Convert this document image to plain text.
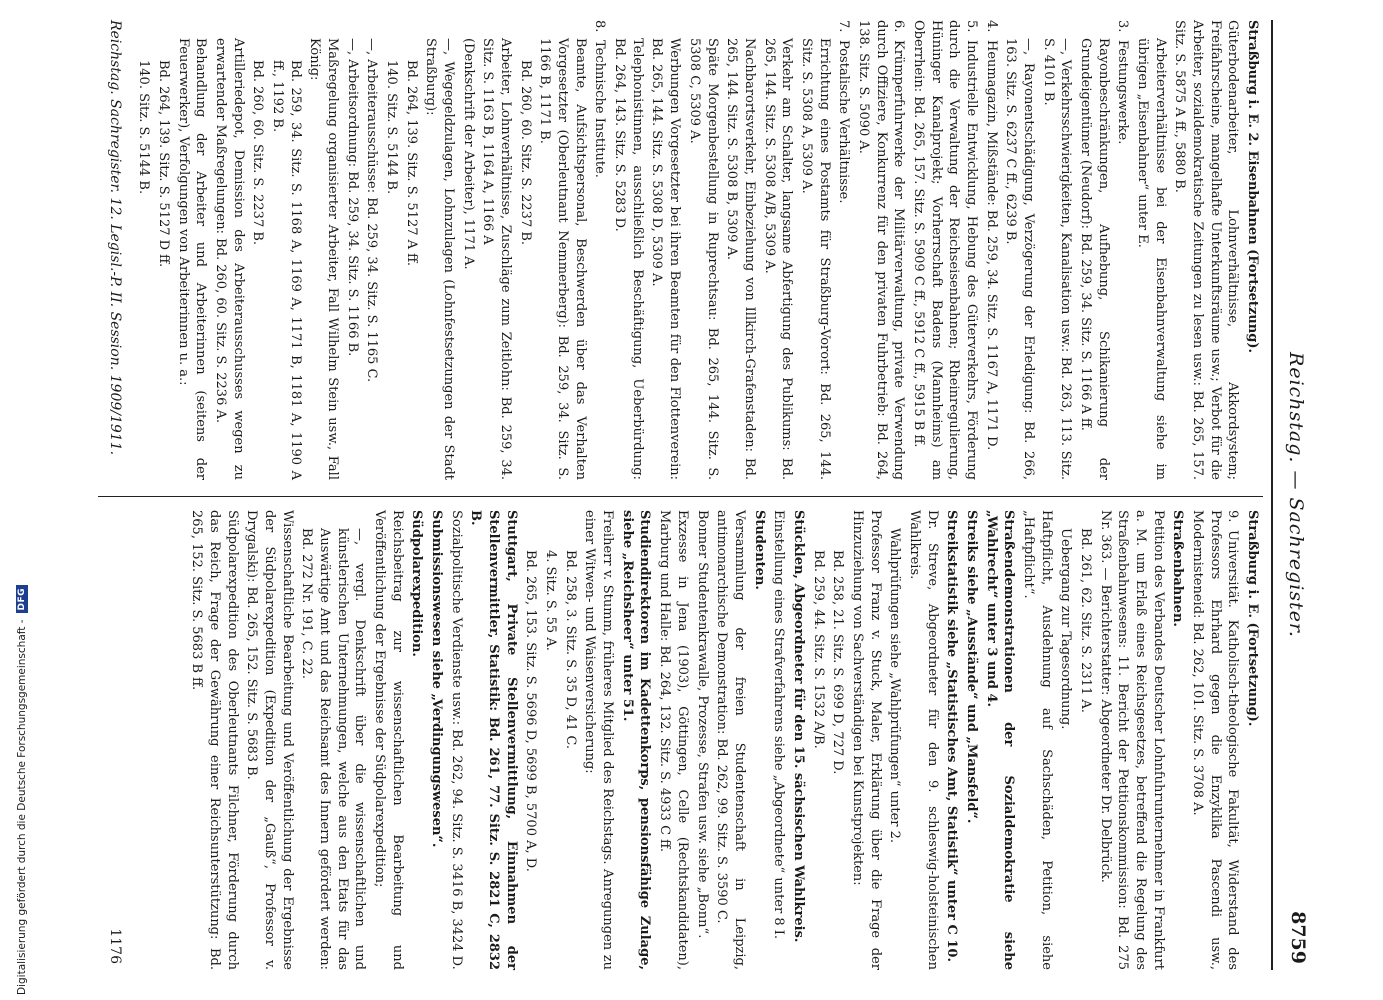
Reichstag. — Sachregister.
8759

Straßburg i. E. 2. Eisenbahnen (Fortsetzung).

Güterbodenarbeiter, Lohnverhältnisse, Akkordsystem; Freifahrscheine, mangelhafte Unterkunftsräume usw.; Verbot für die Arbeiter, sozialdemokratische Zeitungen zu lesen usw.: Bd. 265, 157. Sitz. S. 5875 A ff., 5880 B.

Arbeiterverhältnisse bei der Eisenbahnverwaltung siehe im übrigen „Eisenbahner“ unter E.

3.Festungswerke.

Rayonbeschränkungen, Aufhebung, Schikanierung der Grundeigentümer (Neudorf): Bd. 259, 34. Sitz. S. 1166 A ff.

—, Verkehrsschwierigkeiten, Kanalisation usw.: Bd. 263, 113. Sitz. S. 4101 B.

—, Rayonentschädigung, Verzögerung der Erledigung: Bd. 266, 163. Sitz. S. 6237 C ff., 6239 B.

4.Heumagazin, Mißstände: Bd. 259, 34. Sitz. S. 1167 A, 1171 D.

5.Industrielle Entwicklung, Hebung des Güterverkehrs, Förderung durch die Verwaltung der Reichseisenbahnen; Rheinregulierung, Hüninger Kanalprojekt; Vorherrschaft Badens (Mannheims) am Oberrhein: Bd. 265, 157. Sitz. S. 5909 C ff., 5912 C ff., 5915 B ff.

6.Krümperfuhrwerke der Militärverwaltung, private Verwendung durch Offiziere, Konkurrenz für den privaten Fuhrbetrieb: Bd. 264, 138. Sitz. S. 5090 A.

7.Postalische Verhältnisse.

Errichtung eines Postamts für Straßburg-Vorort: Bd. 265, 144. Sitz. S. 5308 A, 5309 A.

Verkehr am Schalter, langsame Abfertigung des Publikums: Bd. 265, 144. Sitz. S. 5308 A/B, 5309 A.

Nachbarortsverkehr, Einbeziehung von Illkirch-Grafenstaden: Bd. 265, 144. Sitz. S. 5308 B, 5309 A.

Späte Morgenbestellung in Ruprechtsau: Bd. 265, 144. Sitz. S. 5308 C, 5309 A.

Werbungen Vorgesetzter bei ihren Beamten für den Flottenverein: Bd. 265, 144. Sitz. S. 5308 D, 5309 A.

Telephonistinnen, ausschließlich Beschäftigung, Ueberbürdung: Bd. 264, 143. Sitz. S. 5283 D.

8.Technische Institute.

Beamte, Aufsichtspersonal, Beschwerden über das Verhalten Vorgesetzter (Oberleutnant Nemmerberg): Bd. 259, 34. Sitz. S. 1166 B, 1171 B.

Bd. 260, 60. Sitz. S. 2237 B.

Arbeiter, Lohnverhältnisse, Zuschläge zum Zeitlohn: Bd. 259, 34. Sitz. S. 1163 B, 1164 A, 1166 A

(Denkschrift der Arbeiter), 1171 A.

—, Wegegeldzulagen, Lohnzulagen (Lohnfestsetzungen der Stadt Straßburg):

Bd. 264, 139. Sitz. S. 5127 A ff.

140. Sitz. S. 5144 B.

—, Arbeiterausschüsse: Bd. 259, 34. Sitz. S. 1165 C.

—, Arbeitsordnung: Bd. 259, 34. Sitz. S. 1166 B.

Maßregelung organisierter Arbeiter, Fall Wilhelm Stein usw., Fall König:

Bd. 259, 34. Sitz. S. 1168 A, 1169 A, 1171 B, 1181 A, 1190 A ff., 1192 B.

Bd. 260, 60. Sitz. S. 2237 B.

Artilleriedepot, Demission des Arbeiterausschusses wegen zu erwartender Maßregelungen: Bd. 260, 60. Sitz. S. 2236 A.

Behandlung der Arbeiter und Arbeiterinnen (seitens der Feuerwerker), Verfolgungen von Arbeiterinnen u. a.:

Bd. 264, 139. Sitz. S. 5127 D ff.

140. Sitz. S. 5144 B.

Straßburg i. E. (Fortsetzung).

9.Universität. Katholisch-theologische Fakultät, Widerstand des Professors Ehrhard gegen die Enzyklika Pascendi usw., Modernisteneid: Bd. 262, 101. Sitz. S. 3708 A.

Straßenbahnen.

Petition des Verbandes Deutscher Lohnfuhrunternehmer in Frankfurt a. M. um Erlaß eines Reichsgesetzes, betreffend die Regelung des Straßenbahnwesens: 11. Bericht der Petitionskommission: Bd. 275 Nr. 363. — Berichterstatter: Abgeordneter Dr. Delbrück.

Bd. 261, 62. Sitz. S. 2311 A.

Uebergang zur Tagesordnung.

Haftpflicht, Ausdehnung auf Sachschäden, Petition, siehe „Haftpflicht“.

Straßendemonstrationen der Sozialdemokratie siehe „Wahlrecht“ unter 3 und 4.

Streiks siehe „Ausstände“ und „Mansfeld“.

Streikstatistik siehe „Statistisches Amt, Statistik“ unter C 10.

Dr. Streve, Abgeordneter für den 9. schleswig-holsteinischen Wahlkreis.

Wahlprüfungen siehe „Wahlprüfungen“ unter 2.

Professor Franz v. Stuck, Maler, Erklärung über die Frage der Hinzuziehung von Sachverständigen bei Kunstprojekten:

Bd. 258, 21. Sitz. S. 699 D, 727 D.

Bd. 259, 44. Sitz. S. 1532 A/B.

Stücklen, Abgeordneter für den 15. sächsischen Wahlkreis.

Einstellung eines Strafverfahrens siehe „Abgeordnete“ unter 8 I.

Studenten.

Versammlung der freien Studentenschaft in Leipzig, antimonarchische Demonstration: Bd. 262, 99. Sitz. S. 3590 C.

Bonner Studentenkrawalle, Prozesse, Strafen usw. siehe „Bonn“.

Exzesse in Jena (1903), Göttingen, Celle (Rechtskandidaten), Marburg und Halle: Bd. 264, 132. Sitz. S. 4933 C ff.

Studiendirektoren im Kadettenkorps, pensionsfähige Zulage, siehe „Reichsheer“ unter 51.

Freiherr v. Stumm, früheres Mitglied des Reichstags. Anregungen zu einer Witwen- und Waisenversicherung:

Bd. 258, 3. Sitz. S. 35 D, 41 C.

4. Sitz. S. 55 A.

Bd. 265, 153. Sitz. S. 5696 D, 5699 B, 5700 A, D.

Stuttgart, Private Stellenvermittlung, Einnahmen der Stellenvermittler, Statistik: Bd. 261, 77. Sitz. S. 2821 C, 2832 B.

Sozialpolitische Verdienste usw.: Bd. 262, 94. Sitz. S. 3416 B, 3424 D.

Submissionswesen siehe „Verdingungswesen“.

Südpolarexpedition.

Reichsbeitrag zur wissenschaftlichen Bearbeitung und Veröffentlichung der Ergebnisse der Südpolarexpedition;

—, vergl. Denkschrift über die wissenschaftlichen und künstlerischen Unternehmungen, welche aus den Etats für das Auswärtige Amt und das Reichsamt des Innern gefördert werden: Bd. 272 Nr. 191, C. 22.

Wissenschaftliche Bearbeitung und Veröffentlichung der Ergebnisse der Südpolarexpedition (Expedition der „Gauß“, Professor v. Drygalski): Bd. 265, 152. Sitz. S. 5683 B.

Südpolarexpedition des Oberleutnants Filchner, Förderung durch das Reich, Frage der Gewährung einer Reichsunterstützung: Bd. 265, 152. Sitz. S. 5683 B ff.

Reichstag. Sachregister. 12. Legisl.-P. II. Session. 1909/1911.
1176
Digitalisierung gefördert durch die Deutsche Forschungsgemeinschaft -
DFG
